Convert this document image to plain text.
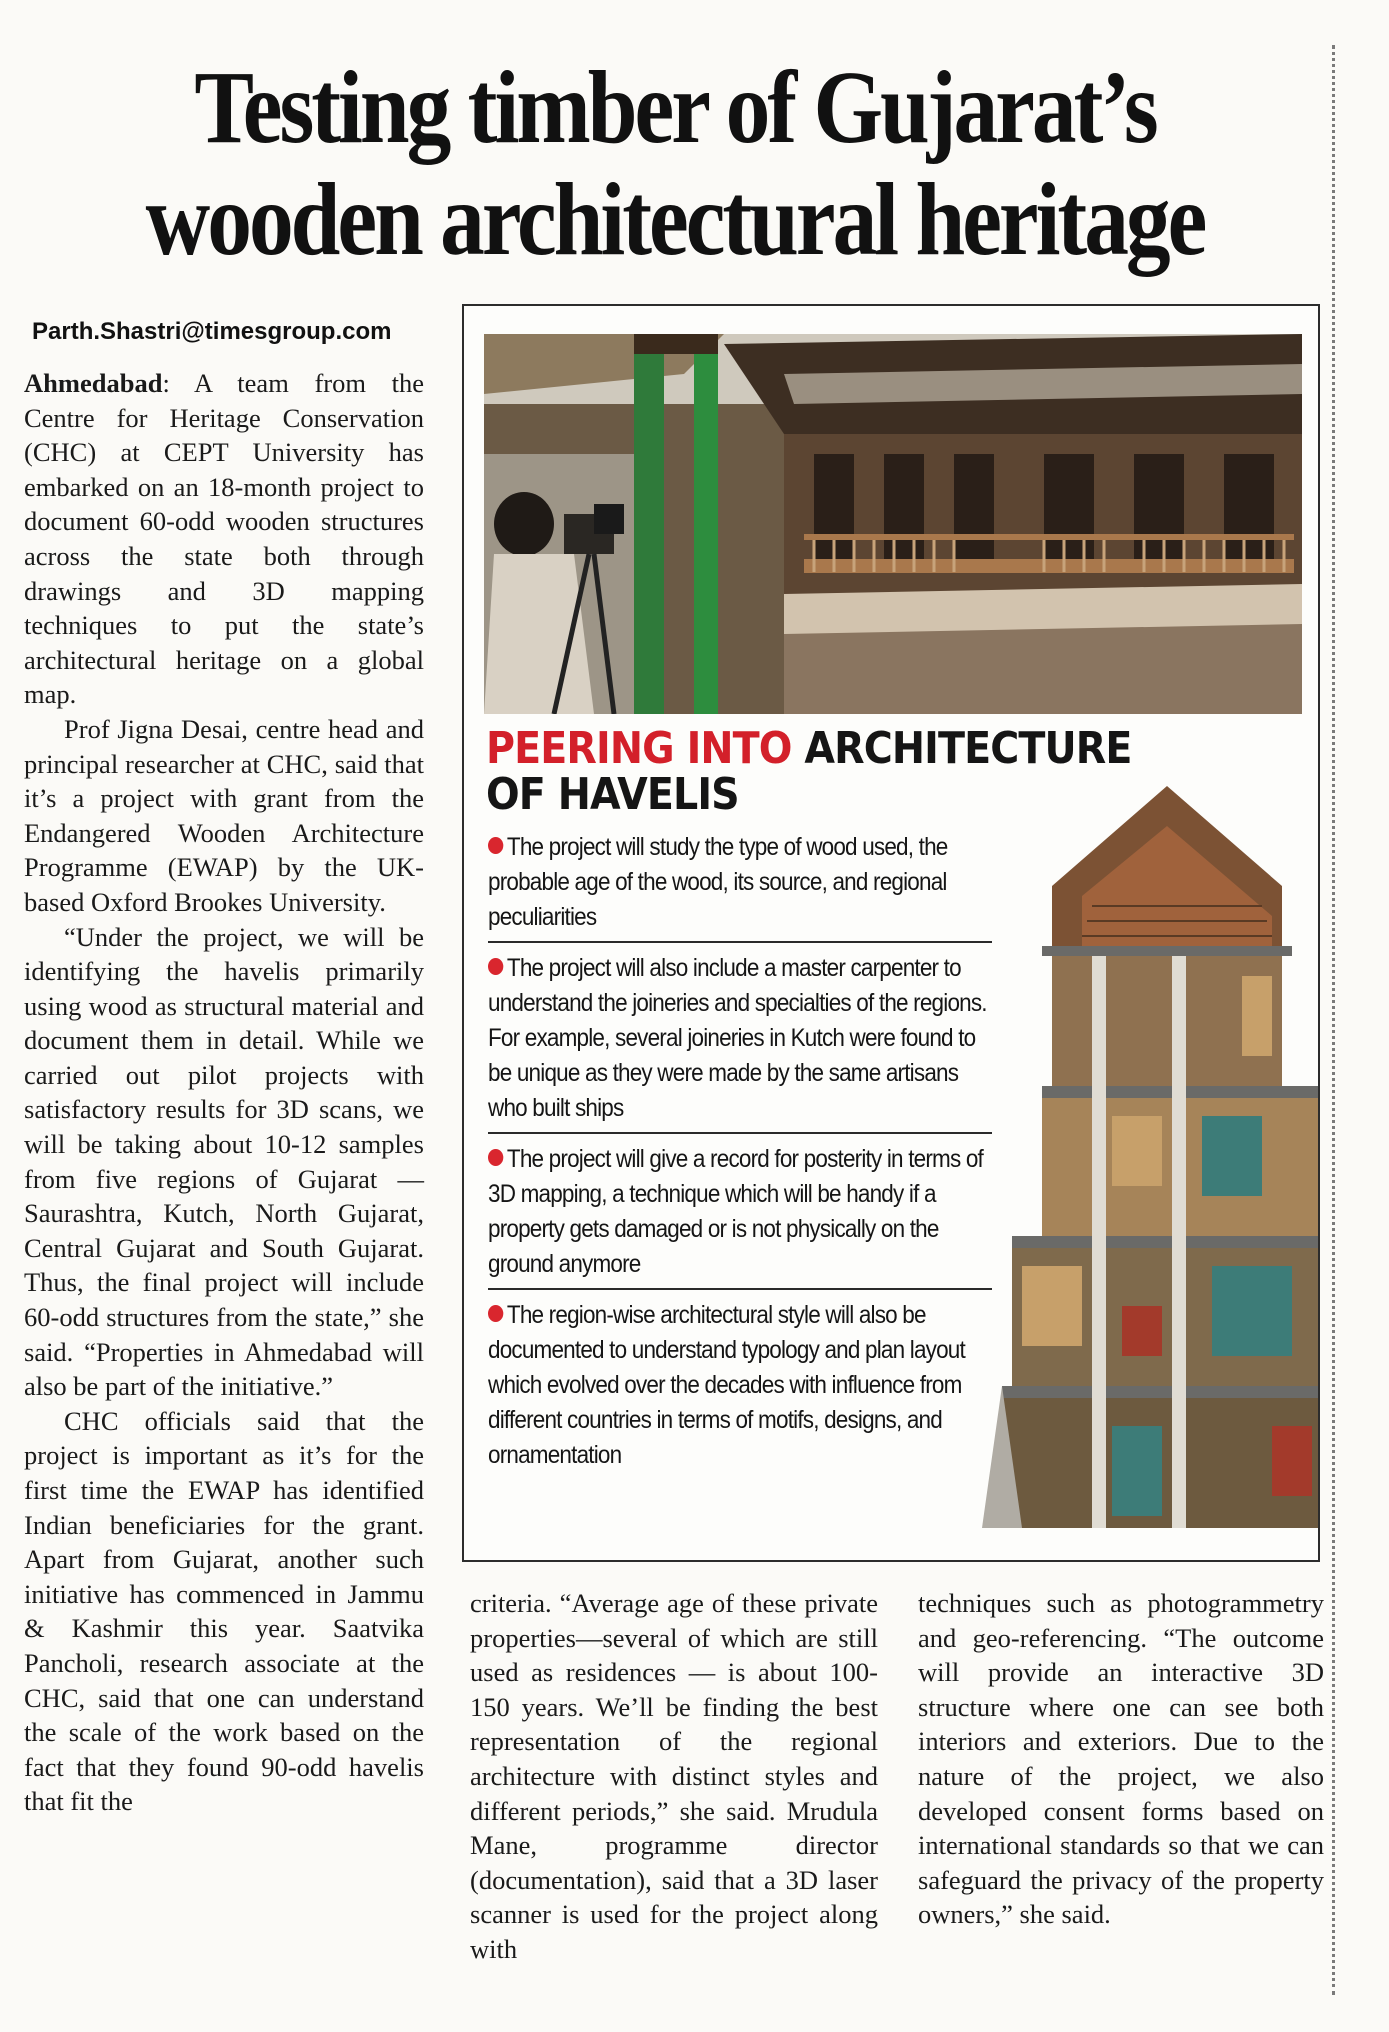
Testing timber of Gujarat’s wooden architectural heritage
Parth.Shastri@timesgroup.com

Ahmedabad: A team from the Centre for Heritage Conservation (CHC) at CEPT University has embarked on an 18-month project to document 60-odd wooden structures across the state both through drawings and 3D mapping techniques to put the state’s architectural heritage on a global map.

Prof Jigna Desai, centre head and principal researcher at CHC, said that it’s a project with grant from the Endangered Wooden Architecture Programme (EWAP) by the UK-based Oxford Brookes University.

“Under the project, we will be identifying the havelis primarily using wood as structural material and document them in detail. While we carried out pilot projects with satisfactory results for 3D scans, we will be taking about 10-12 samples from five regions of Gujarat — Saurashtra, Kutch, North Gujarat, Central Gujarat and South Gujarat. Thus, the final project will include 60-odd structures from the state,” she said. “Properties in Ahmedabad will also be part of the initiative.”

CHC officials said that the project is important as it’s for the first time the EWAP has identified Indian beneficiaries for the grant. Apart from Gujarat, another such initiative has commenced in Jammu & Kashmir this year. Saatvika Pancholi, research associate at the CHC, said that one can understand the scale of the work based on the fact that they found 90-odd havelis that fit the

criteria. “Average age of these private properties—several of which are still used as residences — is about 100-150 years. We’ll be finding the best representation of the regional architecture with distinct styles and different periods,” she said. Mrudula Mane, programme director (documentation), said that a 3D laser scanner is used for the project along with

techniques such as photogrammetry and geo-referencing. “The outcome will provide an interactive 3D structure where one can see both interiors and exteriors. Due to the nature of the project, we also developed consent forms based on international standards so that we can safeguard the privacy of the property owners,” she said.

PEERING INTO ARCHITECTURE
OF HAVELIS
The project will study the type of wood used, the probable age of the wood, its source, and regional peculiarities
The project will also include a master carpenter to understand the joineries and specialties of the regions. For example, several joineries in Kutch were found to be unique as they were made by the same artisans who built ships
The project will give a record for posterity in terms of 3D mapping, a technique which will be handy if a property gets damaged or is not physically on the ground anymore
The region-wise architectural style will also be documented to understand typology and plan layout which evolved over the decades with influence from different countries in terms of motifs, designs, and ornamentation
